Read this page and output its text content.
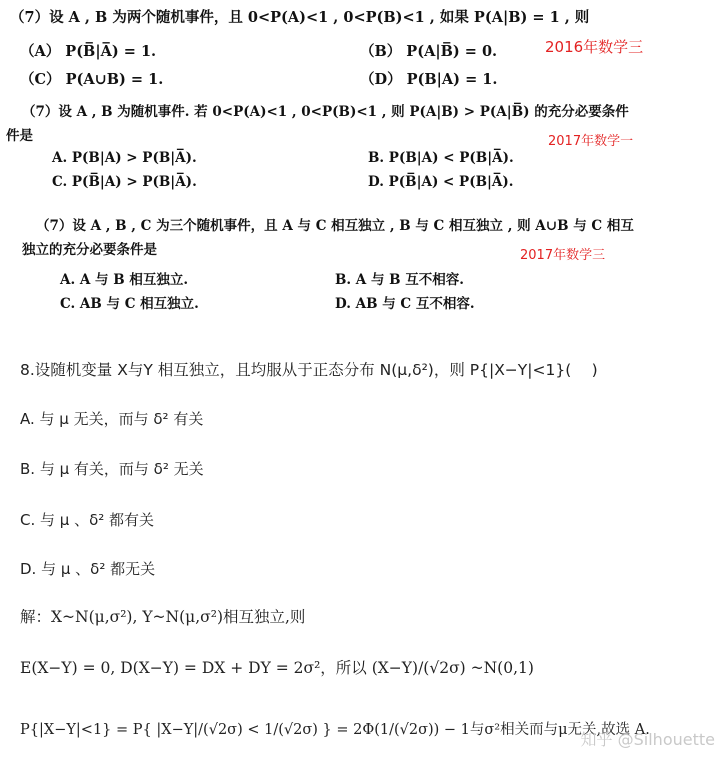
（7）设 A , B 为两个随机事件，且 0<P(A)<1 , 0<P(B)<1 , 如果 P(A|B) = 1 , 则
（A） P(B̅|A̅) = 1.	（B） P(A|B̅) = 0.
（C） P(A∪B) = 1.	（D） P(B|A) = 1.
2016年数学三
（7）设 A , B 为随机事件. 若 0<P(A)<1 , 0<P(B)<1 , 则 P(A|B) > P(A|B̅) 的充分必要条件
件是
A. P(B|A) > P(B|A̅).	B. P(B|A) < P(B|A̅).
C. P(B̅|A) > P(B|A̅).	D. P(B̅|A) < P(B|A̅).
2017年数学一
（7）设 A , B , C 为三个随机事件，且 A 与 C 相互独立 , B 与 C 相互独立 , 则 A∪B 与 C 相互
独立的充分必要条件是
A. A 与 B 相互独立.	B. A 与 B 互不相容.
C. AB 与 C 相互独立.	D. AB 与 C 互不相容.
2017年数学三
8.设随机变量 X与Y 相互独立，且均服从于正态分布 N(μ,δ²)，则 P{|X−Y|<1}(　 )
A. 与 μ 无关，而与 δ² 有关
B. 与 μ 有关，而与 δ² 无关
C. 与 μ 、δ² 都有关
D. 与 μ 、δ² 都无关
解：X~N(μ,σ²), Y~N(μ,σ²)相互独立,则
E(X−Y) = 0, D(X−Y) = DX + DY = 2σ²，所以 (X−Y)/(√2σ) ~N(0,1)
P{|X−Y|<1} = P{ |X−Y|/(√2σ) < 1/(√2σ) } = 2Φ(1/(√2σ)) − 1与σ²相关而与μ无关,故选 A.
知乎 @Silhouette
